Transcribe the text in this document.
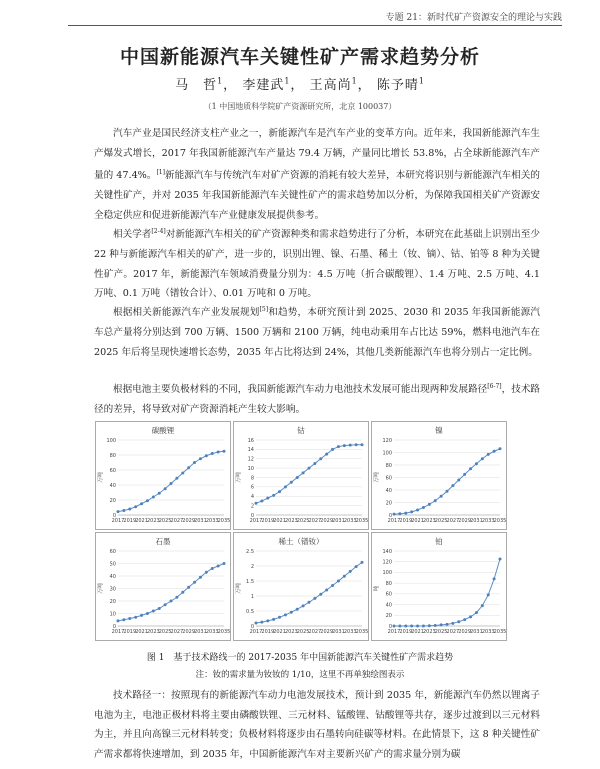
专题 21：新时代矿产资源安全的理论与实践
中国新能源汽车关键性矿产需求趋势分析
马　哲$^1$， 李建武$^1$， 王高尚$^1$， 陈予晴$^1$
（1 中国地质科学院矿产资源研究所，北京 100037）

汽车产业是国民经济支柱产业之一，新能源汽车是汽车产业的变革方向。近年来，我国新能源汽车生产爆发式增长，2017 年我国新能源汽车产量达 79.4 万辆，产量同比增长 53.8%，占全球新能源汽车产量的 47.4%。[1]新能源汽车与传统汽车对矿产资源的消耗有较大差异，本研究将识别与新能源汽车相关的关键性矿产，并对 2035 年我国新能源汽车关键性矿产的需求趋势加以分析，为保障我国相关矿产资源安全稳定供应和促进新能源汽车产业健康发展提供参考。

相关学者[2-4]对新能源汽车相关的矿产资源种类和需求趋势进行了分析，本研究在此基础上识别出至少 22 种与新能源汽车相关的矿产，进一步的，识别出锂、镍、石墨、稀土（钕、镝）、钴、铂等 8 种为关键性矿产。2017 年，新能源汽车领域消费量分别为：4.5 万吨（折合碳酸锂）、1.4 万吨、2.5 万吨、4.1 万吨、0.1 万吨（镨钕合计）、0.01 万吨和 0 万吨。

根据相关新能源汽车产业发展规划[5]和趋势，本研究预计到 2025、2030 和 2035 年我国新能源汽车总产量将分别达到 700 万辆、1500 万辆和 2100 万辆，纯电动乘用车占比达 59%，燃料电池汽车在 2025 年后将呈现快速增长态势，2035 年占比将达到 24%，其他几类新能源汽车也将分别占一定比例。

根据电池主要负极材料的不同，我国新能源汽车动力电池技术发展可能出现两种发展路径[6-7]，技术路径的差异，将导致对矿产资源消耗产生较大影响。

碳酸锂
万吨
0
20
40
60
80
100
2017 2019 2021 2023 2025 2027 2029 2031 2033 2035
钴
万吨
0
2
4
6
8
10
12
14
16
2017 2019 2021 2023 2025 2027 2029 2031 2033 2035
镍
万吨
0
20
40
60
80
100
120
2017 2019 2021 2023 2025 2027 2029 2031 2033 2035
石墨
万吨
0
10
20
30
40
50
60
2017 2019 2021 2023 2025 2027 2029 2031 2033 2035
稀土（镨钕）
万吨
0
0.5
1
1.5
2
2.5
2017 2019 2021 2023 2025 2027 2029 2031 2033 2035
铂
吨
0
20
40
60
80
100
120
140
2017 2019 2021 2023 2025 2027 2029 2031 2033 2035
图 1　基于技术路线一的 2017-2035 年中国新能源汽车关键性矿产需求趋势
注：钕的需求量为钕钕的 1/10，这里不再单独绘图表示

技术路径一：按照现有的新能源汽车动力电池发展技术，预计到 2035 年，新能源汽车仍然以锂离子电池为主，电池正极材料将主要由磷酸铁锂、三元材料、锰酸锂、钴酸锂等共存，逐步过渡到以三元材料为主，并且向高镍三元材料转变；负极材料将逐步由石墨转向硅碳等材料。在此情景下，这 8 种关键性矿产需求都将快速增加，到 2035 年，中国新能源汽车对主要新兴矿产的需求量分别为碳
